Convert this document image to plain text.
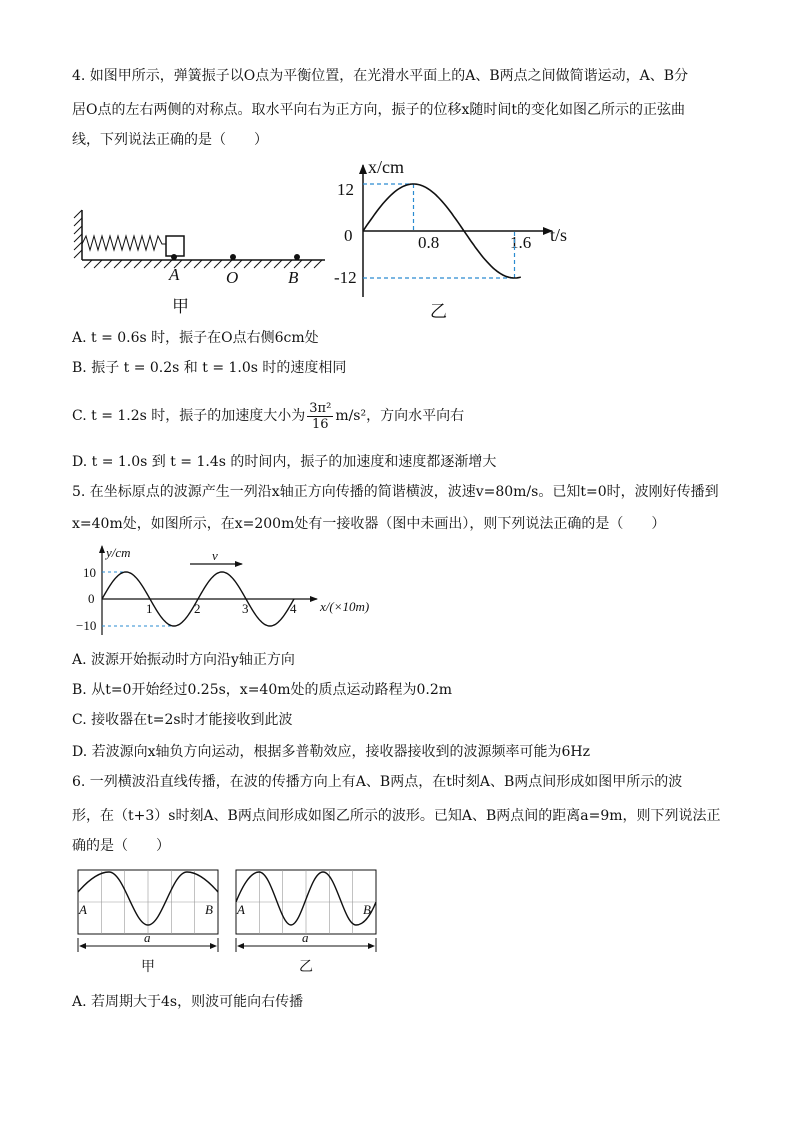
4. 如图甲所示，弹簧振子以O点为平衡位置，在光滑水平面上的A、B两点之间做简谐运动，A、B分
居O点的左右两侧的对称点。取水平向右为正方向，振子的位移x随时间t的变化如图乙所示的正弦曲
线，下列说法正确的是（　　）
A	O	B
甲
x/cm
t/s
12
0
-12
0.8	1.6
乙
A. t = 0.6s 时，振子在O点右侧6cm处
B. 振子 t = 0.2s 和 t = 1.0s 时的速度相同
C. t = 1.2s 时，振子的加速度大小为 $\frac{\text{3π²}}{16} m/s^2$，方向水平向右
D. t = 1.0s 到 t = 1.4s 的时间内，振子的加速度和速度都逐渐增大
5. 在坐标原点的波源产生一列沿x轴正方向传播的简谐横波，波速v=80m/s。已知t=0时，波刚好传播到
x=40m处，如图所示，在x=200m处有一接收器（图中未画出），则下列说法正确的是（　　）
y/cm
x/(×10m)
10
0
−10
1	2	3	4
v
A. 波源开始振动时方向沿y轴正方向
B. 从t=0开始经过0.25s，x=40m处的质点运动路程为0.2m
C. 接收器在t=2s时才能接收到此波
D. 若波源向x轴负方向运动，根据多普勒效应，接收器接收到的波源频率可能为6Hz
6. 一列横波沿直线传播，在波的传播方向上有A、B两点，在t时刻A、B两点间形成如图甲所示的波
形，在（t+3）s时刻A、B两点间形成如图乙所示的波形。已知A、B两点间的距离a=9m，则下列说法正
确的是（　　）
A	B
a
甲
A	B
a
乙
A. 若周期大于4s，则波可能向右传播
